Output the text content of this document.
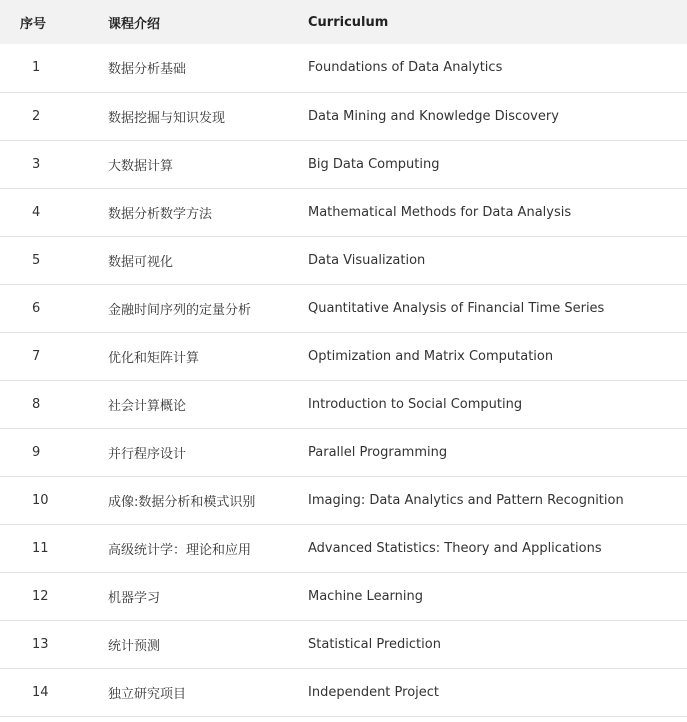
序号	课程介绍	Curriculum
1	数据分析基础	Foundations of Data Analytics
2	数据挖掘与知识发现	Data Mining and Knowledge Discovery
3	大数据计算	Big Data Computing
4	数据分析数学方法	Mathematical Methods for Data Analysis
5	数据可视化	Data Visualization
6	金融时间序列的定量分析	Quantitative Analysis of Financial Time Series
7	优化和矩阵计算	Optimization and Matrix Computation
8	社会计算概论	Introduction to Social Computing
9	并行程序设计	Parallel Programming
10	成像:数据分析和模式识别	Imaging: Data Analytics and Pattern Recognition
11	高级统计学：理论和应用	Advanced Statistics: Theory and Applications
12	机器学习	Machine Learning
13	统计预测	Statistical Prediction
14	独立研究项目	Independent Project
